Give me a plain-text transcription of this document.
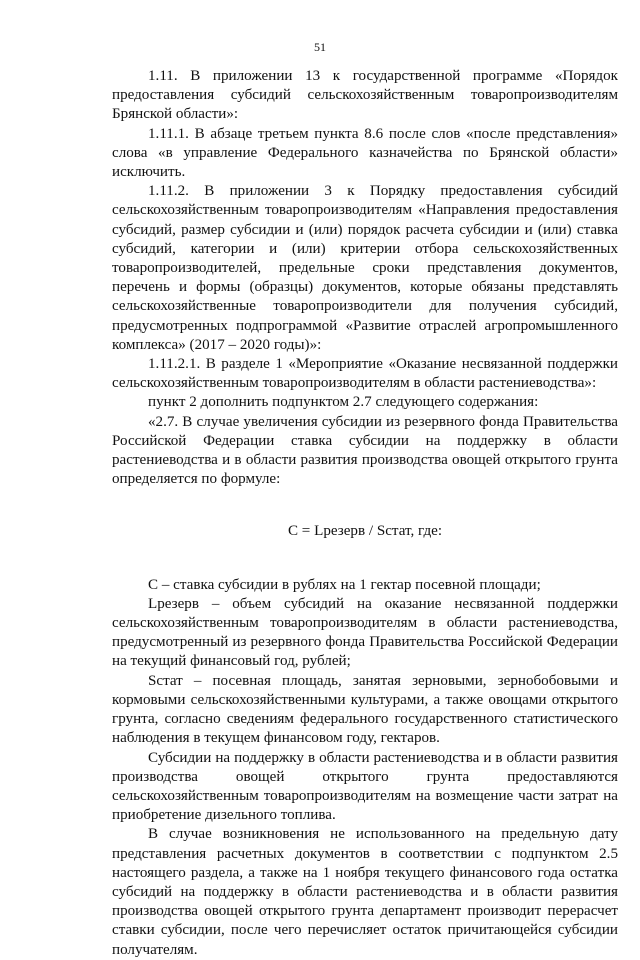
51

1.11. В приложении 13 к государственной программе «Порядок предоставления субсидий сельскохозяйственным товаропроизводителям Брянской области»:

1.11.1. В абзаце третьем пункта 8.6 после слов «после представления» слова «в управление Федерального казначейства по Брянской области» исключить.

1.11.2. В приложении 3 к Порядку предоставления субсидий сельскохозяйственным товаропроизводителям «Направления предоставления субсидий, размер субсидии и (или) порядок расчета субсидии и (или) ставка субсидий, категории и (или) критерии отбора сельскохозяйственных товаропроизводителей, предельные сроки представления документов, перечень и формы (образцы) документов, которые обязаны представлять сельскохозяйственные товаропроизводители для получения субсидий, предусмотренных подпрограммой «Развитие отраслей агропромышленного комплекса» (2017 – 2020 годы)»:

1.11.2.1. В разделе 1 «Мероприятие «Оказание несвязанной поддержки сельскохозяйственным товаропроизводителям в области растениеводства»:

пункт 2 дополнить подпунктом 2.7 следующего содержания:

«2.7. В случае увеличения субсидии из резервного фонда Правительства Российской Федерации ставка субсидии на поддержку в области растениеводства и в области развития производства овощей открытого грунта определяется по формуле:

C = Lрезерв / Sстат, где:

C – ставка субсидии в рублях на 1 гектар посевной площади;

Lрезерв – объем субсидий на оказание несвязанной поддержки сельскохозяйственным товаропроизводителям в области растениеводства, предусмотренный из резервного фонда Правительства Российской Федерации на текущий финансовый год, рублей;

Sстат – посевная площадь, занятая зерновыми, зернобобовыми и кормовыми сельскохозяйственными культурами, а также овощами открытого грунта, согласно сведениям федерального государственного статистического наблюдения в текущем финансовом году, гектаров.

Субсидии на поддержку в области растениеводства и в области развития производства овощей открытого грунта предоставляются сельскохозяйственным товаропроизводителям на возмещение части затрат на приобретение дизельного топлива.

В случае возникновения не использованного на предельную дату представления расчетных документов в соответствии с подпунктом 2.5 настоящего раздела, а также на 1 ноября текущего финансового года остатка субсидий на поддержку в области растениеводства и в области развития производства овощей открытого грунта департамент производит перерасчет ставки субсидии, после чего перечисляет остаток причитающейся субсидии получателям.
